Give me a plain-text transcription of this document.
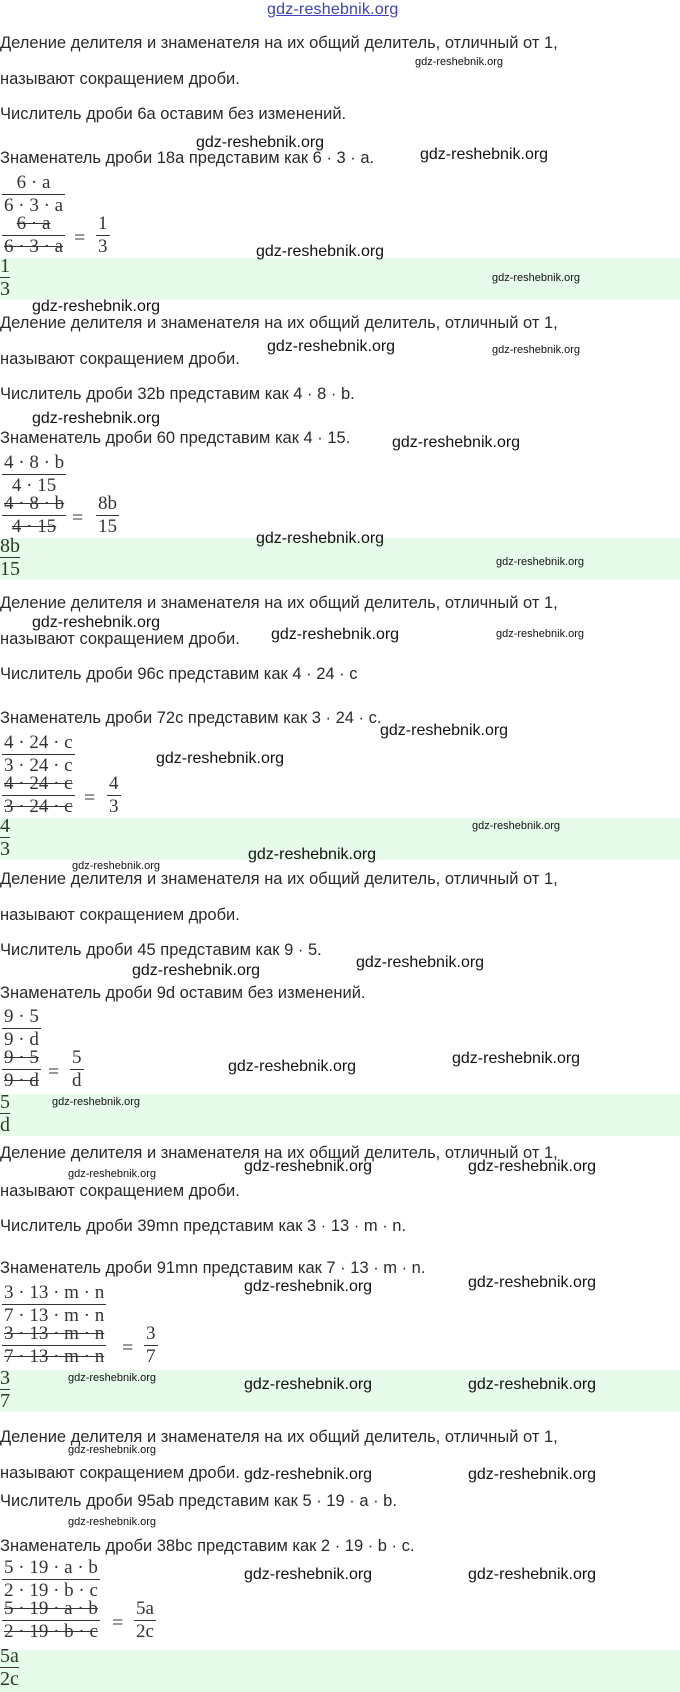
gdz-reshebnik.org
Деление делителя и знаменателя на их общий делитель, отличный от 1,
называют сокращением дроби.
Числитель дроби 6a оставим без изменений.
Знаменатель дроби 18a представим как 6 · 3 · a.
6 · a
6 · 3 · a
6 · a
6 · 3 · a =
1
3
1
3
Деление делителя и знаменателя на их общий делитель, отличный от 1,
называют сокращением дроби.
Числитель дроби 32b представим как 4 · 8 · b.
Знаменатель дроби 60 представим как 4 · 15.
4 · 8 · b
4 · 15
4 · 8 · b
4 · 15 =
8b
15
8b
15
Деление делителя и знаменателя на их общий делитель, отличный от 1,
называют сокращением дроби.
Числитель дроби 96c представим как 4 · 24 · c
Знаменатель дроби 72c представим как 3 · 24 · c.
4 · 24 · c
3 · 24 · c
4 · 24 · c
3 · 24 · c =
4
3
4
3
Деление делителя и знаменателя на их общий делитель, отличный от 1,
называют сокращением дроби.
Числитель дроби 45 представим как 9 · 5.
Знаменатель дроби 9d оставим без изменений.
9 · 5
9 · d
9 · 5
9 · d =
5
d
5
d
Деление делителя и знаменателя на их общий делитель, отличный от 1,
называют сокращением дроби.
Числитель дроби 39mn представим как 3 · 13 · m · n.
Знаменатель дроби 91mn представим как 7 · 13 · m · n.
3 · 13 · m · n
7 · 13 · m · n
3 · 13 · m · n
7 · 13 · m · n =
3
7
3
7
Деление делителя и знаменателя на их общий делитель, отличный от 1,
называют сокращением дроби.
Числитель дроби 95ab представим как 5 · 19 · a · b.
Знаменатель дроби 38bc представим как 2 · 19 · b · c.
5 · 19 · a · b
2 · 19 · b · c
5 · 19 · a · b
2 · 19 · b · c =
5a
2c
5a
2c
gdz-reshebnik.org
gdz-reshebnik.org
gdz-reshebnik.org
gdz-reshebnik.org
gdz-reshebnik.org
gdz-reshebnik.org
gdz-reshebnik.org	gdz-reshebnik.org
gdz-reshebnik.org
gdz-reshebnik.org
gdz-reshebnik.org
gdz-reshebnik.org
gdz-reshebnik.org
gdz-reshebnik.org	gdz-reshebnik.org
gdz-reshebnik.org
gdz-reshebnik.org
gdz-reshebnik.org
gdz-reshebnik.org
gdz-reshebnik.org
gdz-reshebnik.org
gdz-reshebnik.org
gdz-reshebnik.org
gdz-reshebnik.org
gdz-reshebnik.org
gdz-reshebnik.org	gdz-reshebnik.org
gdz-reshebnik.org
gdz-reshebnik.org	gdz-reshebnik.org
gdz-reshebnik.org	gdz-reshebnik.org	gdz-reshebnik.org
gdz-reshebnik.org
gdz-reshebnik.org	gdz-reshebnik.org
gdz-reshebnik.org
gdz-reshebnik.org	gdz-reshebnik.org
